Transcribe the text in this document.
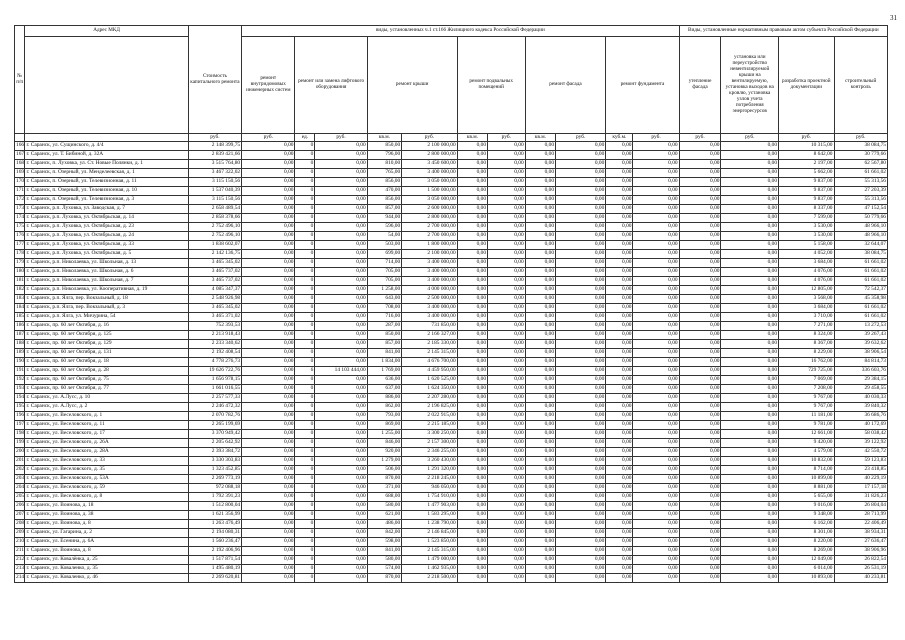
31
№ п/п	Адрес МКД	Стоимость капитального ремонта	виды, установленных ч.1 ст.166 Жилищного кодекса Российской Федерации											Виды, установленные нормативным правовым актом субъекта Российской Федерации			
			ремонт внутридомовых инженерных систем	ремонт или замена лифтового оборудования		ремонт крыши		ремонт подвальных помещений		ремонт фасада		ремонт фундамента		утепление фасада	установка или переустройство невентилируемой крыши на вентилируемую, установка выходов на кровлю, установка узлов учета потребления энергоресурсов	разработка проектной документации	строительный контроль
		руб.	руб.	ед.	руб.	кв.м.	руб.	кв.м.	руб.	кв.м.	руб.	куб.м.	руб.	руб.	руб.	руб.	руб.
166	г. Саранск, ул. Сущинского, д. 4/4	2 148 399,75	0,00	0	0,00	850,00	2 100 000,00	0,00	0,00	0,00	0,00	0,00	0,00	0,00	0,00	10 315,00	38 084,75
167	г. Саранск, ул. Т. Бибиной, д. 32А	2 839 421,66	0,00	0	0,00	796,00	2 800 000,00	0,00	0,00	0,00	0,00	0,00	0,00	0,00	0,00	8 642,00	30 779,66
168	г. Саранск, п. Луховка, ул. Ст. Новые Полянки, д. 1	3 515 764,80	0,00	0	0,00	810,00	3 450 600,00	0,00	0,00	0,00	0,00	0,00	0,00	0,00	0,00	2 197,00	62 567,80
169	г. Саранск, п. Озерный, ул. Менделеевская, д. 1	3 467 322,02	0,00	0	0,00	765,00	3 400 000,00	0,00	0,00	0,00	0,00	0,00	0,00	0,00	0,00	5 662,00	61 661,02
170	г. Саранск, п. Озерный, ул. Телевизионная, д. 11	3 115 150,56	0,00	0	0,00	856,00	3 050 000,00	0,00	0,00	0,00	0,00	0,00	0,00	0,00	0,00	9 837,00	55 313,56
171	г. Саранск, п. Озерный, ул. Телевизионная, д. 10	1 537 040,39	0,00	0	0,00	470,00	1 500 000,00	0,00	0,00	0,00	0,00	0,00	0,00	0,00	0,00	9 837,00	27 203,39
172	г. Саранск, п. Озерный, ул. Телевизионная, д. 3	3 115 150,56	0,00	0	0,00	856,00	3 050 000,00	0,00	0,00	0,00	0,00	0,00	0,00	0,00	0,00	9 837,00	55 313,56
173	г. Саранск, р.п. Луховка, ул. Заводская, д. 7	2 658 489,54	0,00	0	0,00	857,00	2 600 000,00	0,00	0,00	0,00	0,00	0,00	0,00	0,00	0,00	8 337,00	47 152,54
174	г. Саранск, р.п. Луховка, ул. Октябрьская, д. 14	2 858 378,66	0,00	0	0,00	944,00	2 800 000,00	0,00	0,00	0,00	0,00	0,00	0,00	0,00	0,00	7 599,00	50 779,66
175	г. Саранск, р.п. Луховка, ул. Октябрьская, д. 23	2 752 496,10	0,00	0	0,00	596,00	2 700 000,00	0,00	0,00	0,00	0,00	0,00	0,00	0,00	0,00	3 530,00	48 966,10
176	г. Саранск, р.п. Луховка, ул. Октябрьская, д. 24	2 752 496,10	0,00	0	0,00	54,00	2 700 000,00	0,00	0,00	0,00	0,00	0,00	0,00	0,00	0,00	3 530,00	48 966,10
177	г. Саранск, р.п. Луховка, ул. Октябрьская, д. 33	1 838 602,07	0,00	0	0,00	503,00	1 800 000,00	0,00	0,00	0,00	0,00	0,00	0,00	0,00	0,00	5 158,00	32 644,07
178	г. Саранск, р.п. Луховка, ул. Октябрьская, д. 5	2 142 136,75	0,00	0	0,00	699,00	2 100 000,00	0,00	0,00	0,00	0,00	0,00	0,00	0,00	0,00	4 052,00	38 084,75
179	г. Саранск, р.п. Николаевка, ул. Школьная, д. 13	3 465 345,02	0,00	0	0,00	714,00	3 400 000,00	0,00	0,00	0,00	0,00	0,00	0,00	0,00	0,00	3 684,00	61 661,02
180	г. Саранск, р.п. Николаевка, ул. Школьная, д. 6	3 465 737,02	0,00	0	0,00	705,00	3 400 000,00	0,00	0,00	0,00	0,00	0,00	0,00	0,00	0,00	4 076,00	61 661,02
181	г. Саранск, р.п. Николаевка, ул. Школьная, д. 7	3 465 737,02	0,00	0	0,00	705,00	3 400 000,00	0,00	0,00	0,00	0,00	0,00	0,00	0,00	0,00	4 076,00	61 661,02
182	г. Саранск, р.п. Николаевка, ул. Кооперативная, д. 19	4 085 347,37	0,00	0	0,00	1 258,00	4 000 000,00	0,00	0,00	0,00	0,00	0,00	0,00	0,00	0,00	12 805,00	72 542,37
183	г. Саранск, р.п. Ялга, пер. Вокзальный, д. 18	2 548 926,98	0,00	0	0,00	643,00	2 500 000,00	0,00	0,00	0,00	0,00	0,00	0,00	0,00	0,00	3 568,00	45 358,98
184	г. Саранск, р.п. Ялга, пер. Вокзальный, д. 3	3 465 345,02	0,00	0	0,00	708,00	3 400 000,00	0,00	0,00	0,00	0,00	0,00	0,00	0,00	0,00	3 684,00	61 661,02
185	г. Саранск, р.п. Ялга, ул. Мичурина, 54	3 465 371,02	0,00	0	0,00	716,00	3 400 000,00	0,00	0,00	0,00	0,00	0,00	0,00	0,00	0,00	3 710,00	61 661,02
186	г. Саранск, пр. 60 лет Октября, д. 16	752 393,53	0,00	0	0,00	287,00	731 850,00	0,00	0,00	0,00	0,00	0,00	0,00	0,00	0,00	7 271,00	13 272,53
187	г. Саранск, пр. 60 лет Октября, д. 125	2 213 918,43	0,00	0	0,00	850,00	2 166 327,00	0,00	0,00	0,00	0,00	0,00	0,00	0,00	0,00	8 324,00	39 267,43
188	г. Саранск, пр. 60 лет Октября, д. 129	2 233 340,62	0,00	0	0,00	857,00	2 185 330,00	0,00	0,00	0,00	0,00	0,00	0,00	0,00	0,00	8 367,00	39 632,62
189	г. Саранск, пр. 60 лет Октября, д. 131	2 192 408,54	0,00	0	0,00	841,00	2 145 315,00	0,00	0,00	0,00	0,00	0,00	0,00	0,00	0,00	8 229,00	38 906,54
190	г. Саранск, пр. 60 лет Октября, д. 18	4 778 276,73	0,00	0	0,00	1 834,00	4 676 700,00	0,00	0,00	0,00	0,00	0,00	0,00	0,00	0,00	16 762,00	84 814,73
191	г. Саранск, пр. 60 лет Октября, д. 28	19 626 722,76	0,00	6	14 103 444,00	1 769,00	4 459 950,00	0,00	0,00	0,00	0,00	0,00	0,00	0,00	0,00	729 725,00	336 603,76
192	г. Саранск, пр. 60 лет Октября, д. 75	1 656 978,15	0,00	0	0,00	636,00	1 620 525,00	0,00	0,00	0,00	0,00	0,00	0,00	0,00	0,00	7 069,00	29 384,15
193	г. Саранск, пр. 60 лет Октября, д. 77	1 661 016,55	0,00	0	0,00	637,00	1 624 350,00	0,00	0,00	0,00	0,00	0,00	0,00	0,00	0,00	7 208,00	29 458,55
194	г. Саранск, ул. А.Лусс, д. 10	2 257 577,33	0,00	0	0,00	886,00	2 207 280,00	0,00	0,00	0,00	0,00	0,00	0,00	0,00	0,00	9 767,00	40 030,33
195	г. Саранск, ул. А.Лусс, д. 2	2 246 472,32	0,00	0	0,00	862,00	2 196 825,00	0,00	0,00	0,00	0,00	0,00	0,00	0,00	0,00	9 767,00	39 840,32
196	г. Саранск, ул. Веселовского, д. 1	2 070 782,76	0,00	0	0,00	793,00	2 022 915,00	0,00	0,00	0,00	0,00	0,00	0,00	0,00	0,00	11 181,00	36 686,76
197	г. Саранск, ул. Веселовского, д. 11	2 265 199,69	0,00	0	0,00	869,00	2 215 185,00	0,00	0,00	0,00	0,00	0,00	0,00	0,00	0,00	9 781,00	40 172,69
198	г. Саранск, ул. Веселовского, д. 17	3 370 949,42	0,00	0	0,00	1 255,00	3 300 250,00	0,00	0,00	0,00	0,00	0,00	0,00	0,00	0,00	12 661,00	58 038,42
199	г. Саранск, ул. Веселовского, д. 26А	2 205 642,92	0,00	0	0,00	846,00	2 157 300,00	0,00	0,00	0,00	0,00	0,00	0,00	0,00	0,00	9 420,00	39 122,92
200	г. Саранск, ул. Веселовского, д. 28А	2 393 384,72	0,00	0	0,00	920,00	2 346 255,00	0,00	0,00	0,00	0,00	0,00	0,00	0,00	0,00	4 579,00	42 550,72
201	г. Саранск, ул. Веселовского, д. 33	3 330 303,83	0,00	0	0,00	1 279,00	3 260 430,00	0,00	0,00	0,00	0,00	0,00	0,00	0,00	0,00	10 832,00	59 123,83
202	г. Саранск, ул. Веселовского, д. 35	1 323 452,85	0,00	0	0,00	506,00	1 291 320,00	0,00	0,00	0,00	0,00	0,00	0,00	0,00	0,00	8 714,00	23 418,85
203	г. Саранск, ул. Веселовского, д. 53А	2 269 773,19	0,00	0	0,00	870,00	2 218 245,00	0,00	0,00	0,00	0,00	0,00	0,00	0,00	0,00	10 899,00	40 229,19
204	г. Саранск, ул. Веселовского, д. 59	972 088,18	0,00	0	0,00	371,00	946 050,00	0,00	0,00	0,00	0,00	0,00	0,00	0,00	0,00	8 881,00	17 157,18
205	г. Саранск, ул. Веселовского, д. 8	1 792 391,23	0,00	0	0,00	688,00	1 754 910,00	0,00	0,00	0,00	0,00	0,00	0,00	0,00	0,00	5 655,00	31 826,23
206	г. Саранск, ул. Воинова, д. 18	1 512 800,04	0,00	0	0,00	580,00	1 477 903,00	0,00	0,00	0,00	0,00	0,00	0,00	0,00	0,00	9 016,00	26 804,04
207	г. Саранск, ул. Воинова, д. 38	1 621 356,99	0,00	0	0,00	621,00	1 583 295,00	0,00	0,00	0,00	0,00	0,00	0,00	0,00	0,00	9 348,00	28 713,99
208	г. Саранск, ул. Воинова, д. 8	1 263 476,49	0,00	0	0,00	486,00	1 238 790,00	0,00	0,00	0,00	0,00	0,00	0,00	0,00	0,00	6 162,00	22 406,49
209	г. Саранск, ул. Гагарина, д. 2	2 194 080,31	0,00	0	0,00	842,00	2 146 845,00	0,00	0,00	0,00	0,00	0,00	0,00	0,00	0,00	8 301,00	38 934,31
210	г. Саранск, ул. Есенина, д. 6А	1 560 236,47	0,00	0	0,00	598,00	1 523 850,00	0,00	0,00	0,00	0,00	0,00	0,00	0,00	0,00	8 220,00	27 636,47
211	г. Саранск, ул. Воинова, д. 8	2 192 406,96	0,00	0	0,00	841,00	2 145 315,00	0,00	0,00	0,00	0,00	0,00	0,00	0,00	0,00	8 269,00	38 906,96
212	г. Саранск, ул. Ковалёнка, д. 25	1 517 871,54	0,00	0	0,00	580,00	1 479 000,00	0,00	0,00	0,00	0,00	0,00	0,00	0,00	0,00	12 049,00	26 822,54
213	г. Саранск, ул. Коваленко, д. 35	1 495 480,19	0,00	0	0,00	574,00	1 462 935,00	0,00	0,00	0,00	0,00	0,00	0,00	0,00	0,00	6 014,00	26 531,19
214	г. Саранск, ул. Коваленко, д. 46	2 269 620,81	0,00	0	0,00	870,00	2 218 500,00	0,00	0,00	0,00	0,00	0,00	0,00	0,00	0,00	10 893,00	40 233,81
